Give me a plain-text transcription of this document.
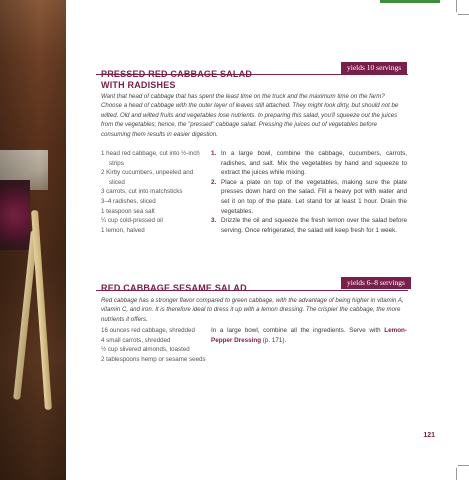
yields 10 servings
PRESSED RED CABBAGE SALAD
WITH RADISHES
Want that head of cabbage that has spent the least time on the truck and the maximum time on the farm? Choose a head of cabbage with the outer layer of leaves still attached. They might look dirty, but should not be wilted. Old and wilted fruits and vegetables lose nutrients. In preparing this salad, you'll squeeze out the juices from the vegetables; hence, the "pressed" cabbage salad. Pressing the juices out of vegetables before consuming them results in easier digestion.
1 head red cabbage, cut into ½-inch strips
2 Kirby cucumbers, unpeeled and sliced
3 carrots, cut into matchsticks
3–4 radishes, sliced
1 teaspoon sea salt
¼ cup cold-pressed oil
1 lemon, halved
1. In a large bowl, combine the cabbage, cucumbers, carrots, radishes, and salt. Mix the vegetables by hand and squeeze to extract the juices while mixing.
2. Place a plate on top of the vegetables, making sure the plate presses down hard on the salad. Fill a heavy pot with water and set it on top of the plate. Let stand for at least 1 hour. Drain the vegetables.
3. Drizzle the oil and squeeze the fresh lemon over the salad before serving. Once refrigerated, the salad will keep fresh for 1 week.
yields 6–8 servings
RED CABBAGE SESAME SALAD
Red cabbage has a stronger flavor compared to green cabbage, with the advantage of being higher in vitamin A, vitamin C, and iron. It is therefore ideal to dress it up with a lemon dressing. The crispier the cabbage, the more nutrients it offers.
16 ounces red cabbage, shredded
4 small carrots, shredded
½ cup slivered almonds, toasted
2 tablespoons hemp or sesame seeds
In a large bowl, combine all the ingredients. Serve with Lemon-Pepper Dressing (p. 171).
121
